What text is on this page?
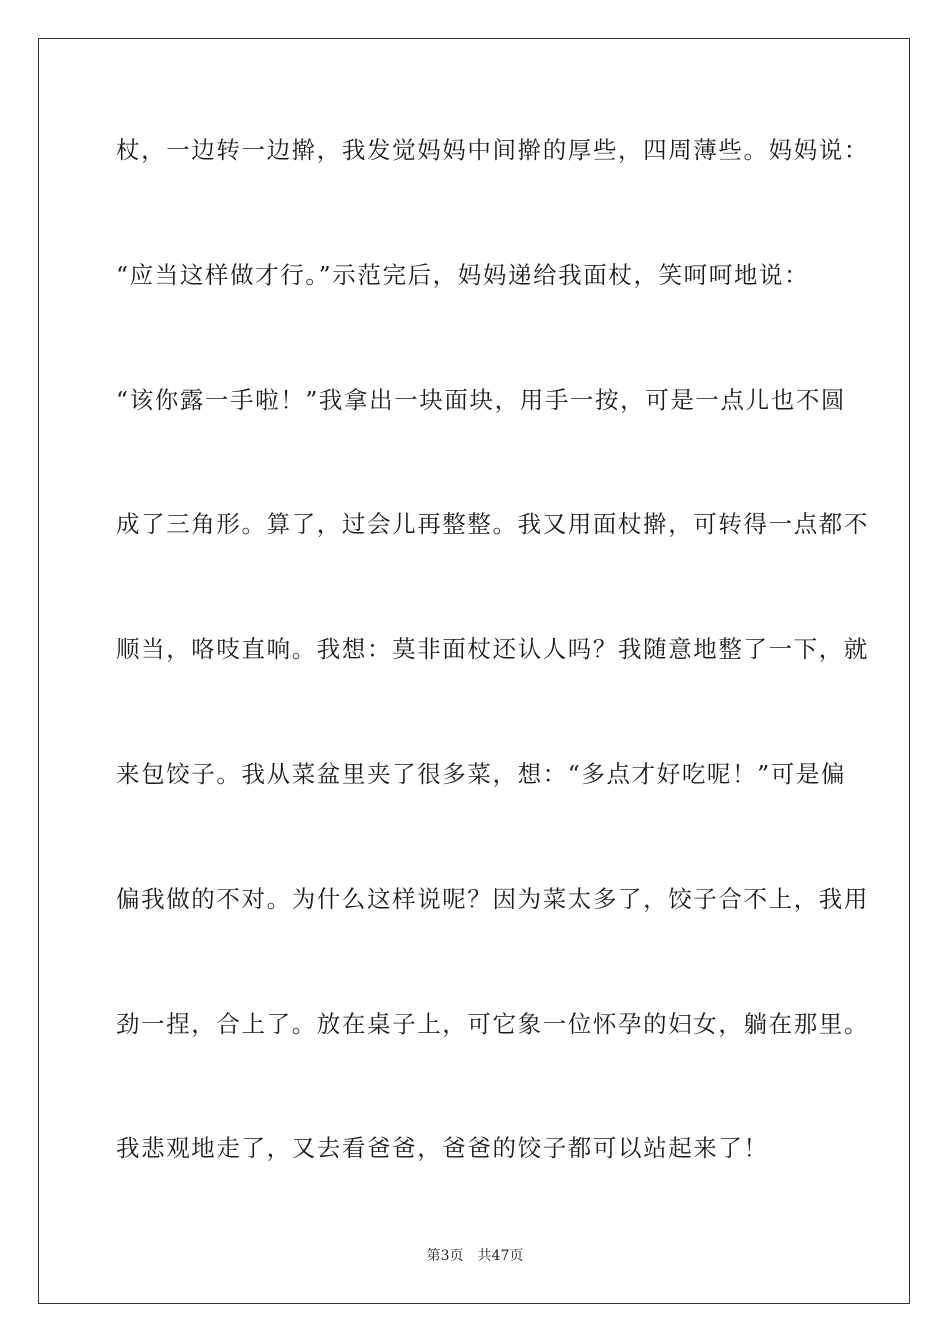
杖，一边转一边擀，我发觉妈妈中间擀的厚些，四周薄些。妈妈说：
“应当这样做才行。”示范完后，妈妈递给我面杖，笑呵呵地说：
“该你露一手啦！”我拿出一块面块，用手一按，可是一点儿也不圆
成了三角形。算了，过会儿再整整。我又用面杖擀，可转得一点都不
顺当，咯吱直响。我想：莫非面杖还认人吗？我随意地整了一下，就
来包饺子。我从菜盆里夹了很多菜，想：“多点才好吃呢！”可是偏
偏我做的不对。为什么这样说呢？因为菜太多了，饺子合不上，我用
劲一捏，合上了。放在桌子上，可它象一位怀孕的妇女，躺在那里。
我悲观地走了，又去看爸爸，爸爸的饺子都可以站起来了！
第3页　共47页
